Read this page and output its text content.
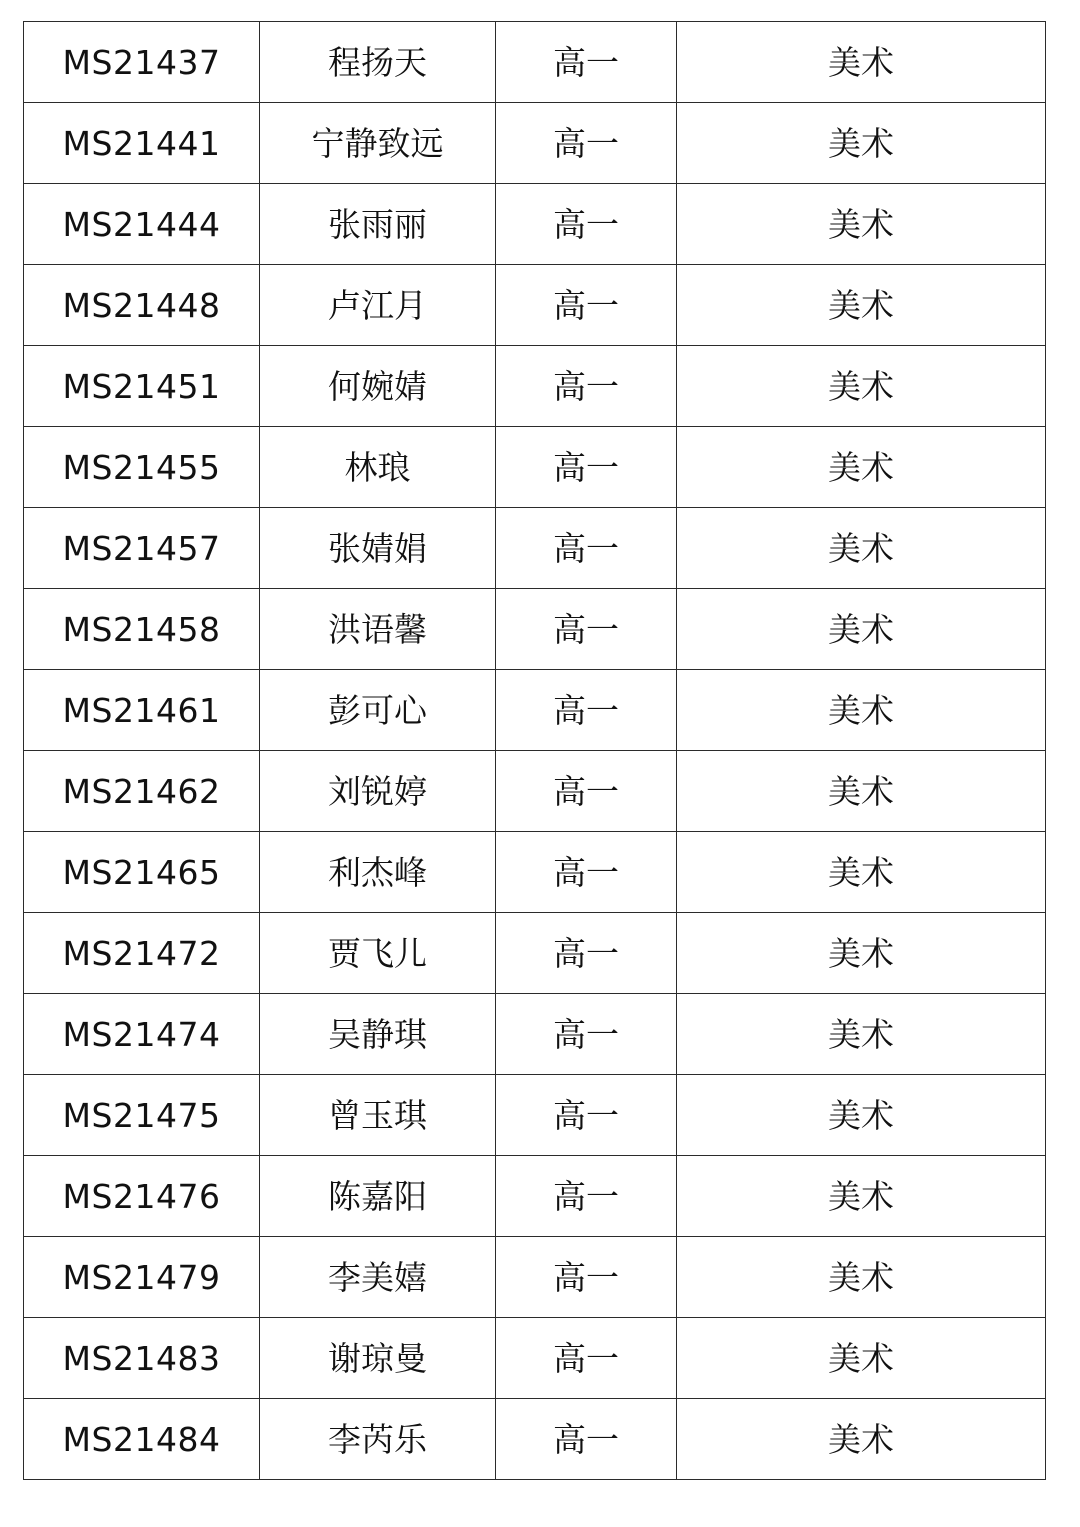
MS21437	程扬天	高一	美术
MS21441	宁静致远	高一	美术
MS21444	张雨丽	高一	美术
MS21448	卢江月	高一	美术
MS21451	何婉婧	高一	美术
MS21455	林琅	高一	美术
MS21457	张婧娟	高一	美术
MS21458	洪语馨	高一	美术
MS21461	彭可心	高一	美术
MS21462	刘锐婷	高一	美术
MS21465	利杰峰	高一	美术
MS21472	贾飞儿	高一	美术
MS21474	吴静琪	高一	美术
MS21475	曾玉琪	高一	美术
MS21476	陈嘉阳	高一	美术
MS21479	李美嬉	高一	美术
MS21483	谢琼曼	高一	美术
MS21484	李芮乐	高一	美术
